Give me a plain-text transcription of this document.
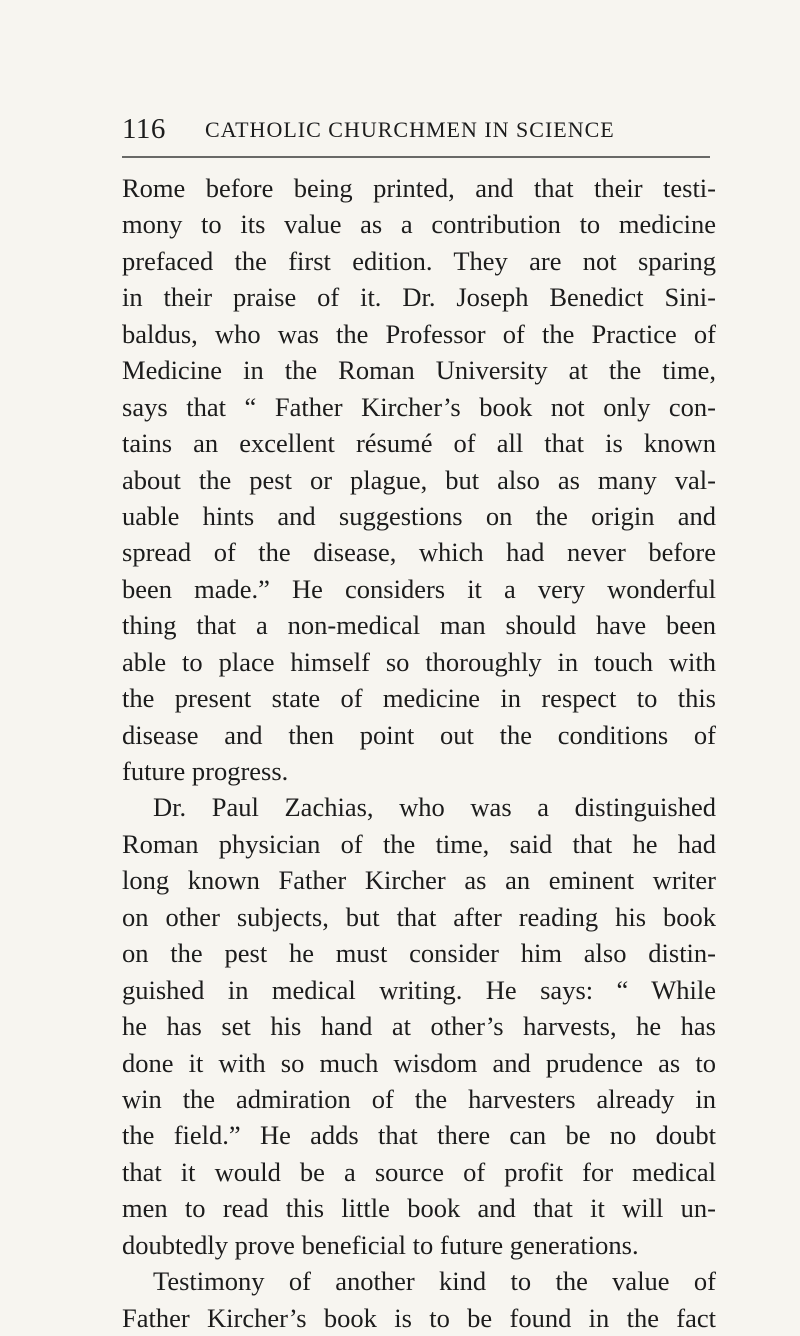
116 CATHOLIC CHURCHMEN IN SCIENCE
Rome before being printed, and that their testi-
mony to its value as a contribution to medicine
prefaced the first edition. They are not sparing
in their praise of it. Dr. Joseph Benedict Sini-
baldus, who was the Professor of the Practice of
Medicine in the Roman University at the time,
says that “ Father Kircher’s book not only con-
tains an excellent résumé of all that is known
about the pest or plague, but also as many val-
uable hints and suggestions on the origin and
spread of the disease, which had never before
been made.” He considers it a very wonderful
thing that a non-medical man should have been
able to place himself so thoroughly in touch with
the present state of medicine in respect to this
disease and then point out the conditions of
future progress.
Dr. Paul Zachias, who was a distinguished
Roman physician of the time, said that he had
long known Father Kircher as an eminent writer
on other subjects, but that after reading his book
on the pest he must consider him also distin-
guished in medical writing. He says: “ While
he has set his hand at other’s harvests, he has
done it with so much wisdom and prudence as to
win the admiration of the harvesters already in
the field.” He adds that there can be no doubt
that it would be a source of profit for medical
men to read this little book and that it will un-
doubtedly prove beneficial to future generations.
Testimony of another kind to the value of
Father Kircher’s book is to be found in the fact
